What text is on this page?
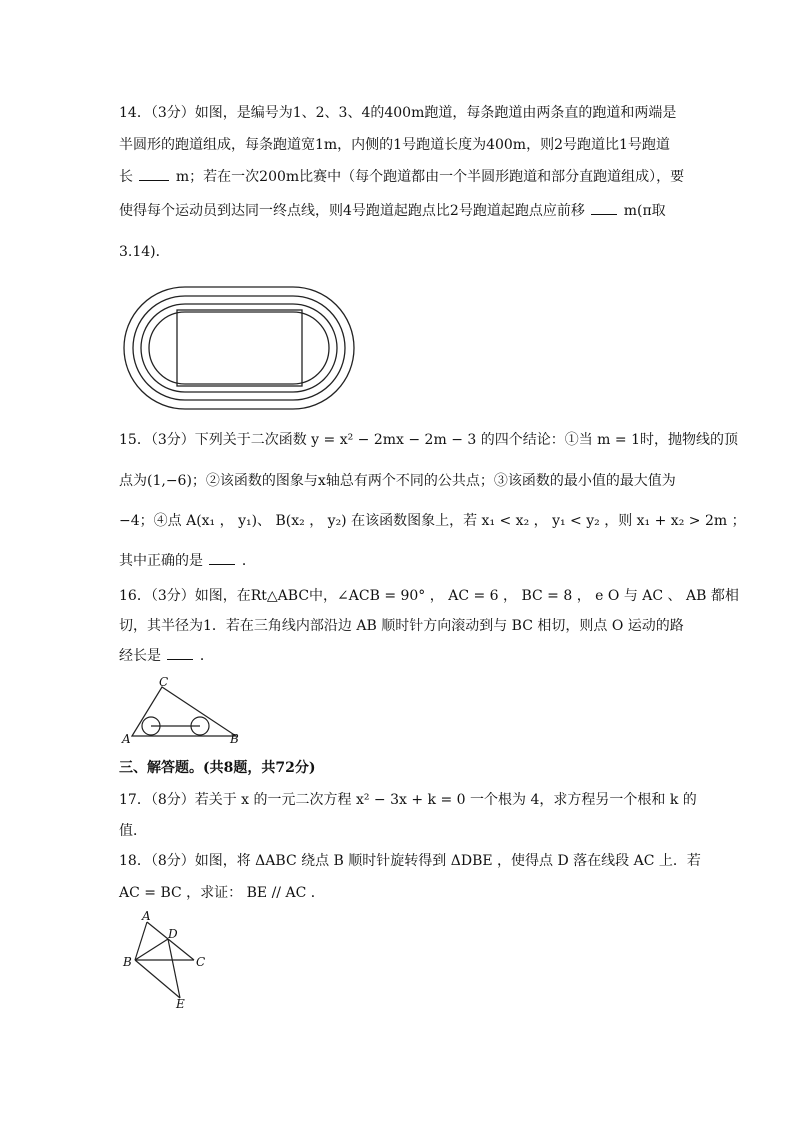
14．（3分）如图，是编号为1、2、3、4的400m跑道，每条跑道由两条直的跑道和两端是
半圆形的跑道组成，每条跑道宽1m，内侧的1号跑道长度为400m，则2号跑道比1号跑道
长	m；若在一次200m比赛中（每个跑道都由一个半圆形跑道和部分直跑道组成），要
使得每个运动员到达同一终点线，则4号跑道起跑点比2号跑道起跑点应前移	m(π取
3.14)．
15．（3分）下列关于二次函数 y = x² − 2mx − 2m − 3 的四个结论：①当 m = 1时，抛物线的顶
点为(1,−6)；②该函数的图象与x轴总有两个不同的公共点；③该函数的最小值的最大值为
−4；④点 A(x₁ ， y₁)、 B(x₂ ， y₂) 在该函数图象上，若 x₁ < x₂ ， y₁ < y₂ ，则 x₁ + x₂ > 2m ；
其中正确的是	．
16．（3分）如图，在Rt△ABC中，∠ACB = 90° ， AC = 6 ， BC = 8 ， e O 与 AC 、 AB 都相
切，其半径为1．若在三角线内部沿边 AB 顺时针方向滚动到与 BC 相切，则点 O 运动的路
经长是	．
C
A	B
三、解答题。(共8题，共72分)
17．（8分）若关于 x 的一元二次方程 x² − 3x + k = 0 一个根为 4，求方程另一个根和 k 的
值．
18．（8分）如图，将 ΔABC 绕点 B 顺时针旋转得到 ΔDBE ，使得点 D 落在线段 AC 上．若
AC = BC ，求证： BE // AC ．
A
D
B	C
E
